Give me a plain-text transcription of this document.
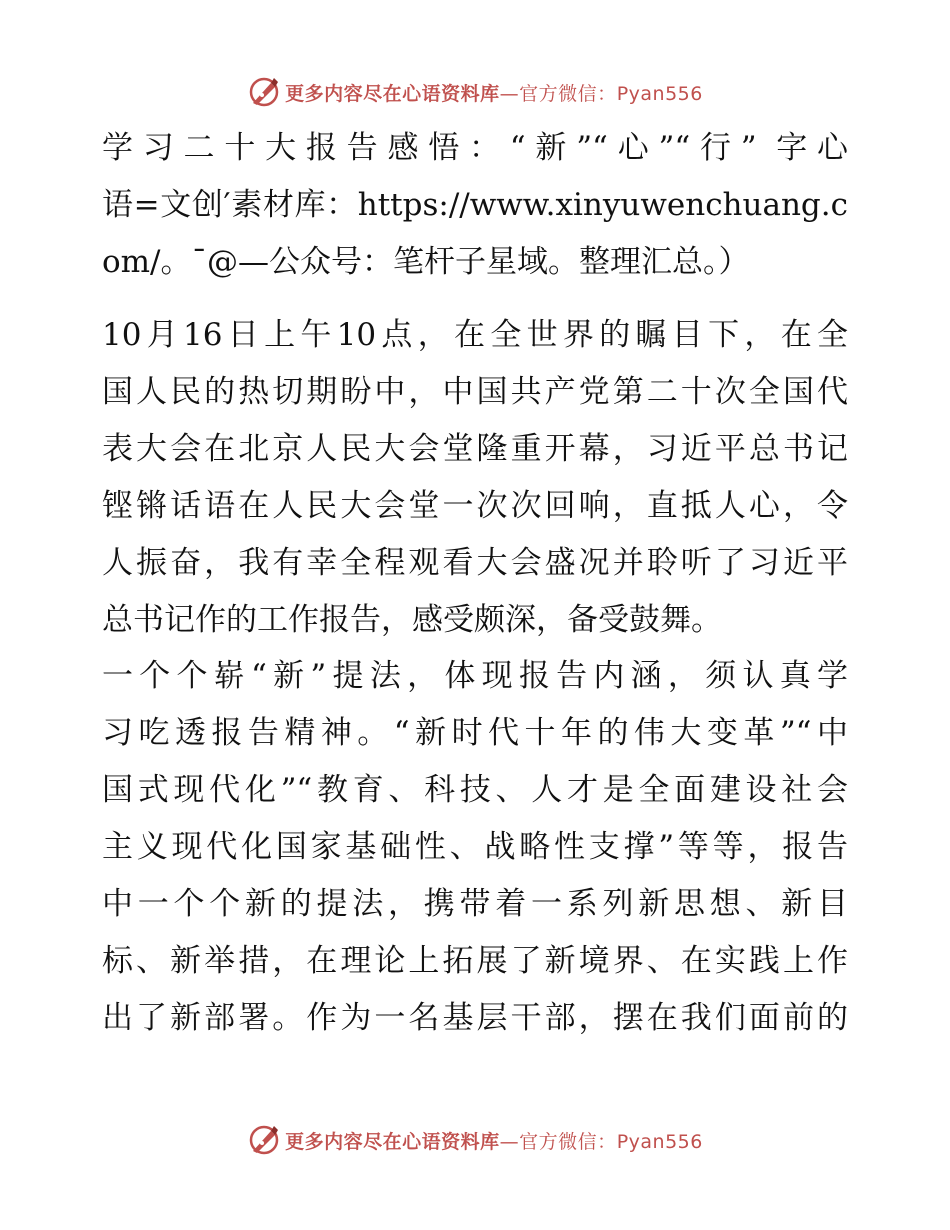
更多内容尽在心语资料库—官方微信：Pyan556
学习二十大报告感悟：“新”“心”“行” 字心
语=文创′素材库：https://www.xinyuwenchuang.c
om/。¯@—公众号：笔杆子星域。整理汇总。）
10月16日上午10点，在全世界的瞩目下，在全
国人民的热切期盼中，中国共产党第二十次全国代
表大会在北京人民大会堂隆重开幕，习近平总书记
铿锵话语在人民大会堂一次次回响，直抵人心，令
人振奋，我有幸全程观看大会盛况并聆听了习近平
总书记作的工作报告，感受颇深，备受鼓舞。
一个个崭“新”提法，体现报告内涵，须认真学
习吃透报告精神。“新时代十年的伟大变革”“中
国式现代化”“教育、科技、人才是全面建设社会
主义现代化国家基础性、战略性支撑”等等，报告
中一个个新的提法，携带着一系列新思想、新目
标、新举措，在理论上拓展了新境界、在实践上作
出了新部署。作为一名基层干部，摆在我们面前的
更多内容尽在心语资料库—官方微信：Pyan556
